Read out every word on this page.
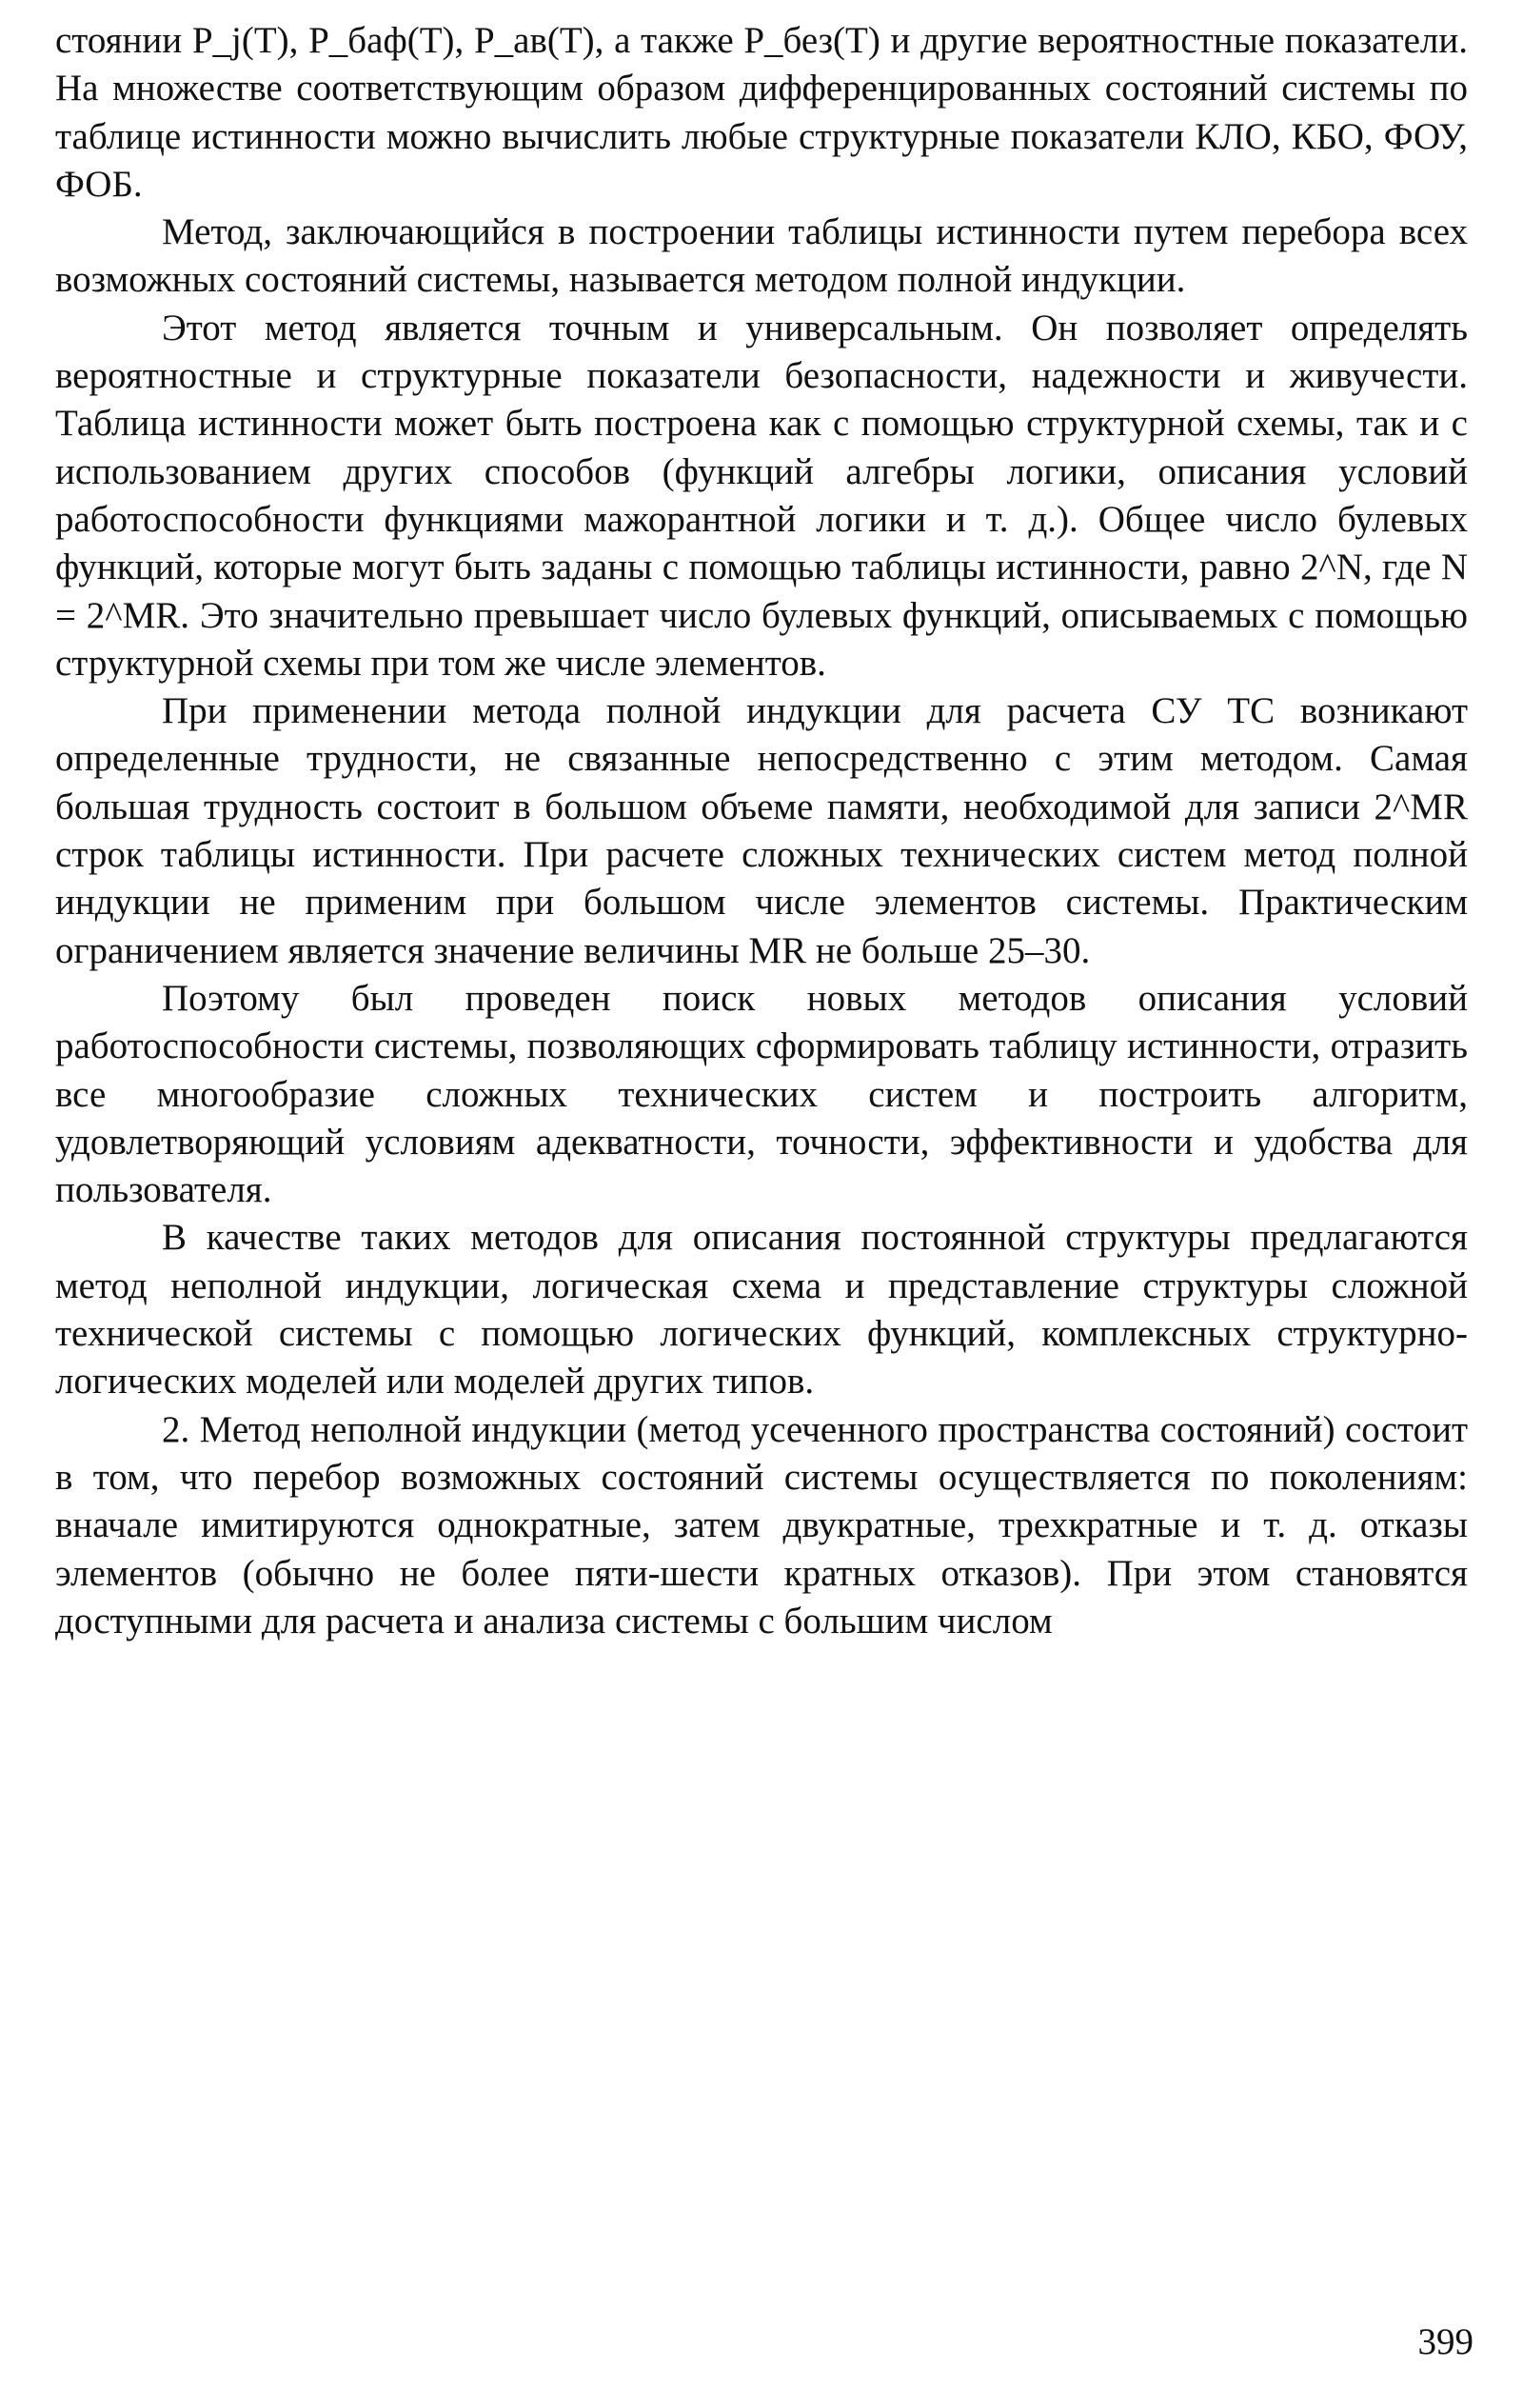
стоянии P_j(T), P_баф(T), P_ав(T), а также P_без(T) и другие вероятностные показатели. На множестве соответствующим образом дифференцированных состояний системы по таблице истинности можно вычислить любые структурные показатели КЛО, КБО, ФОУ, ФОБ.

Метод, заключающийся в построении таблицы истинности путем перебора всех возможных состояний системы, называется методом полной индукции.

Этот метод является точным и универсальным. Он позволяет определять вероятностные и структурные показатели безопасности, надежности и живучести. Таблица истинности может быть построена как с помощью структурной схемы, так и с использованием других способов (функций алгебры логики, описания условий работоспособности функциями мажорантной логики и т. д.). Общее число булевых функций, которые могут быть заданы с помощью таблицы истинности, равно 2^N, где N = 2^MR. Это значительно превышает число булевых функций, описываемых с помощью структурной схемы при том же числе элементов.

При применении метода полной индукции для расчета СУ ТС возникают определенные трудности, не связанные непосредственно с этим методом. Самая большая трудность состоит в большом объеме памяти, необходимой для записи 2^MR строк таблицы истинности. При расчете сложных технических систем метод полной индукции не применим при большом числе элементов системы. Практическим ограничением является значение величины MR не больше 25–30.

Поэтому был проведен поиск новых методов описания условий работоспособности системы, позволяющих сформировать таблицу истинности, отразить все многообразие сложных технических систем и построить алгоритм, удовлетворяющий условиям адекватности, точности, эффективности и удобства для пользователя.

В качестве таких методов для описания постоянной структуры предлагаются метод неполной индукции, логическая схема и представление структуры сложной технической системы с помощью логических функций, комплексных структурно-логических моделей или моделей других типов.

2. Метод неполной индукции (метод усеченного пространства состояний) состоит в том, что перебор возможных состояний системы осуществляется по поколениям: вначале имитируются однократные, затем двукратные, трехкратные и т. д. отказы элементов (обычно не более пяти-шести кратных отказов). При этом становятся доступными для расчета и анализа системы с большим числом

399
